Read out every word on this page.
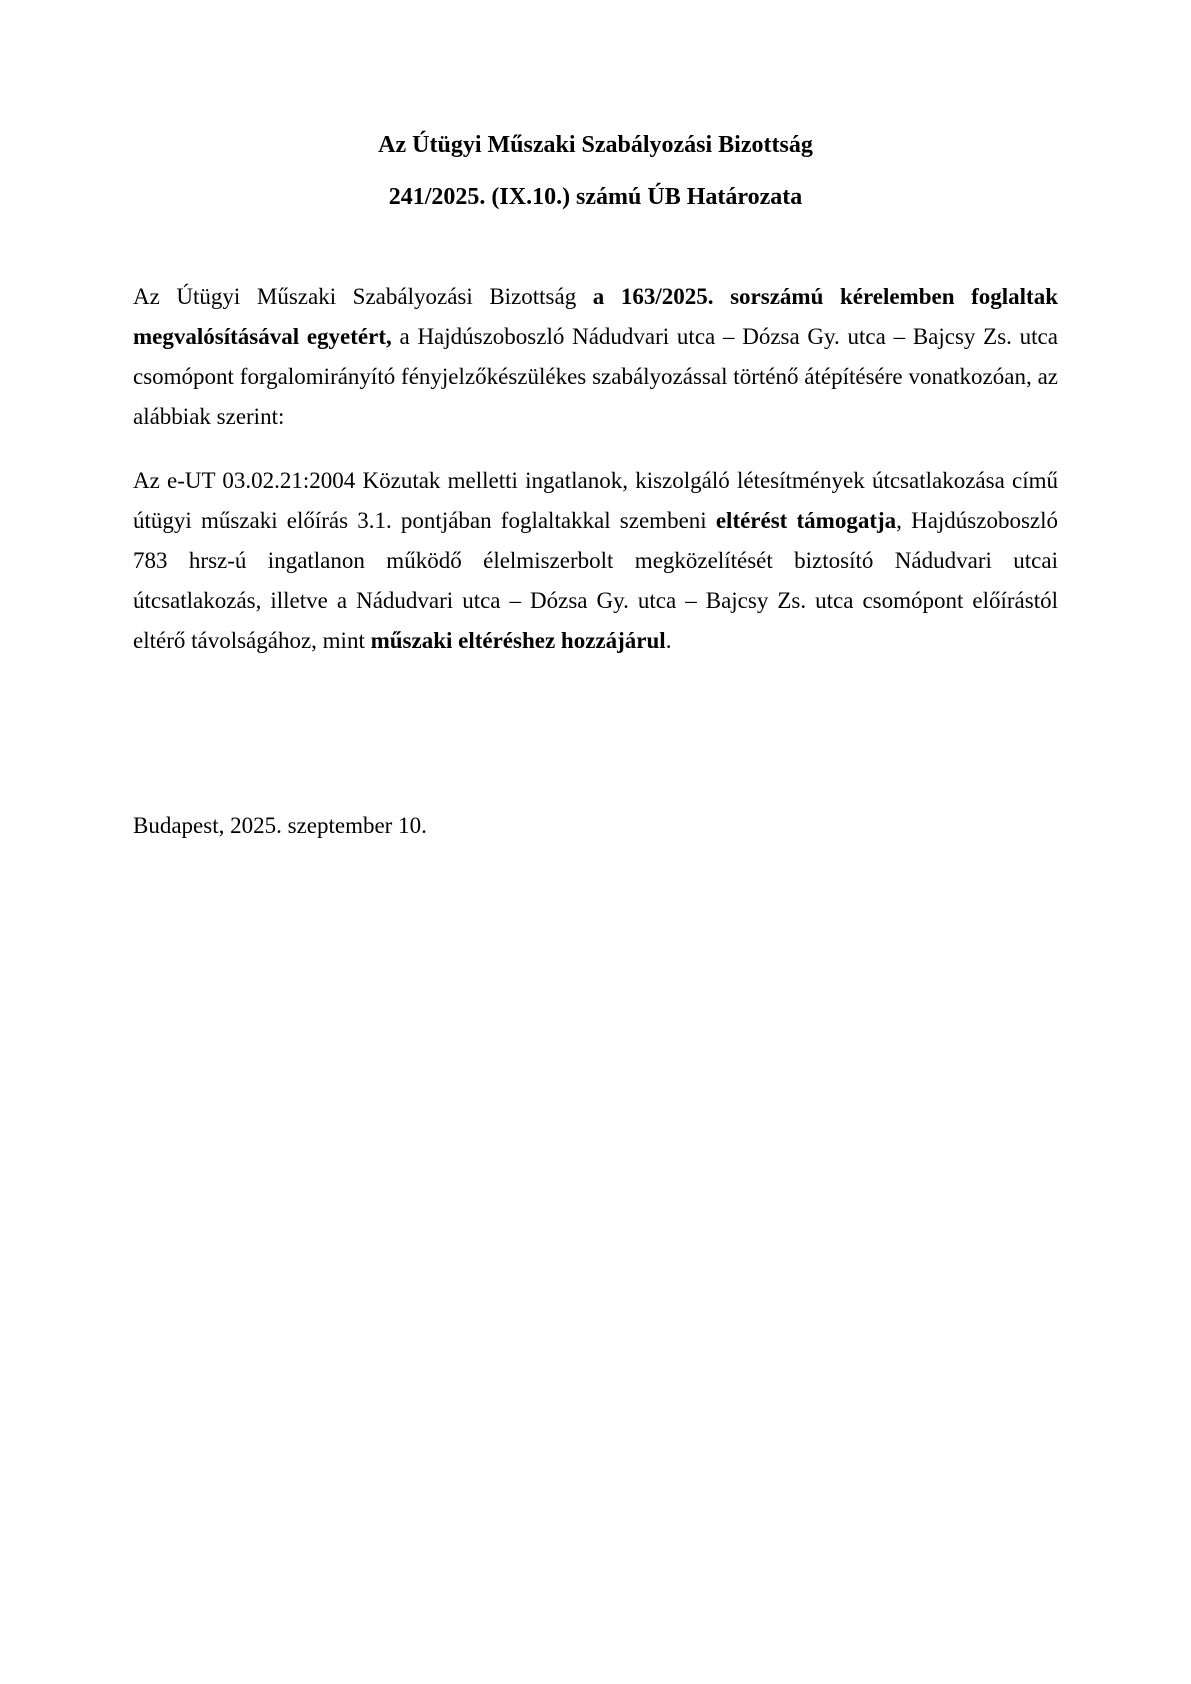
Az Útügyi Műszaki Szabályozási Bizottság
241/2025. (IX.10.) számú ÚB Határozata

Az Útügyi Műszaki Szabályozási Bizottság a 163/2025. sorszámú kérelemben foglaltak megvalósításával egyetért, a Hajdúszoboszló Nádudvari utca – Dózsa Gy. utca – Bajcsy Zs. utca csomópont forgalomirányító fényjelzőkészülékes szabályozással történő átépítésére vonatkozóan, az alábbiak szerint:

Az e-UT 03.02.21:2004 Közutak melletti ingatlanok, kiszolgáló létesítmények útcsatlakozása című útügyi műszaki előírás 3.1. pontjában foglaltakkal szembeni eltérést támogatja, Hajdúszoboszló 783 hrsz-ú ingatlanon működő élelmiszerbolt megközelítését biztosító Nádudvari utcai útcsatlakozás, illetve a Nádudvari utca – Dózsa Gy. utca – Bajcsy Zs. utca csomópont előírástól eltérő távolságához, mint műszaki eltéréshez hozzájárul.

Budapest, 2025. szeptember 10.
